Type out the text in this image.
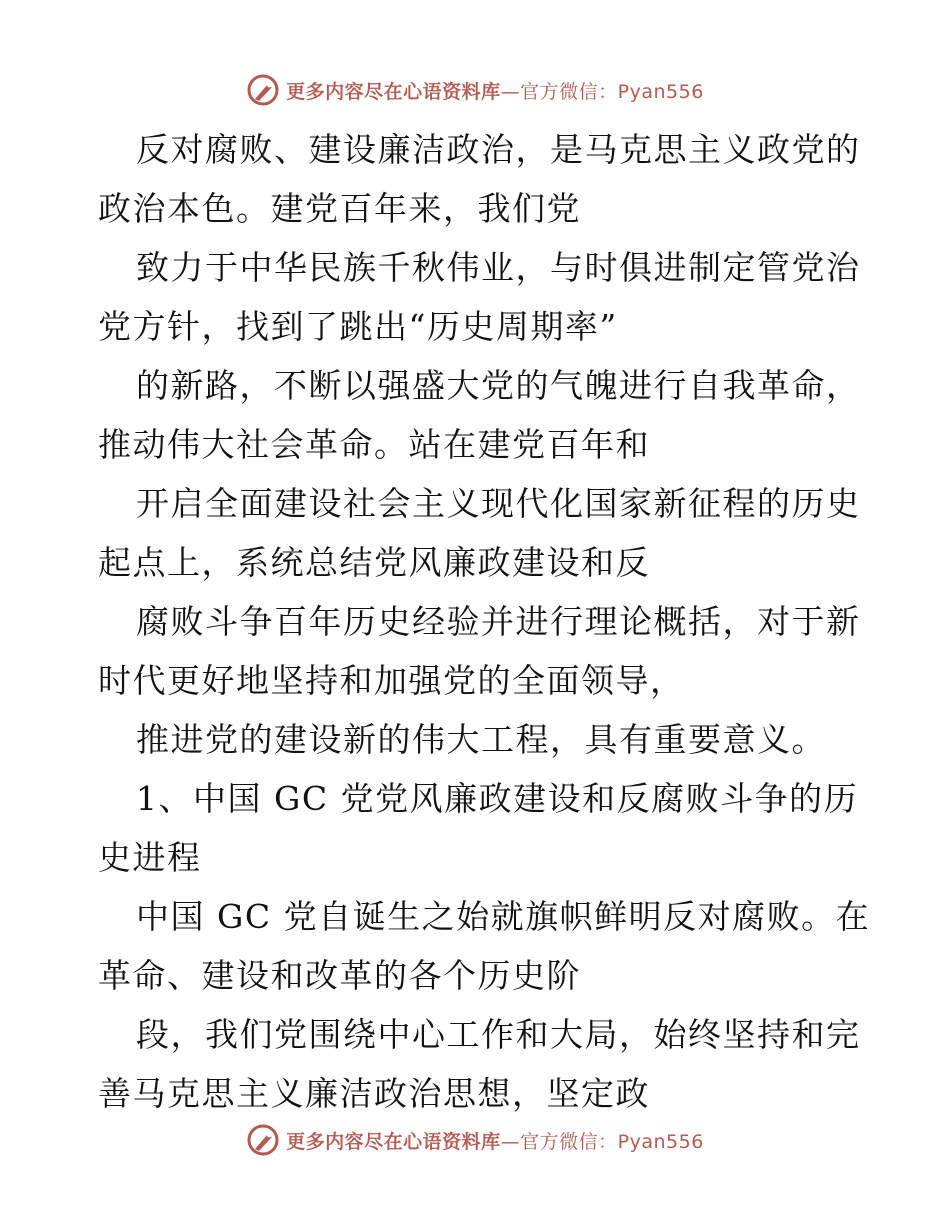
更多内容尽在心语资料库—官方微信：Pyan556
反对腐败、建设廉洁政治，是马克思主义政党的
政治本色。建党百年来，我们党
致力于中华民族千秋伟业，与时俱进制定管党治
党方针，找到了跳出“历史周期率”
的新路，不断以强盛大党的气魄进行自我革命，
推动伟大社会革命。站在建党百年和
开启全面建设社会主义现代化国家新征程的历史
起点上，系统总结党风廉政建设和反
腐败斗争百年历史经验并进行理论概括，对于新
时代更好地坚持和加强党的全面领导，
推进党的建设新的伟大工程，具有重要意义。
1、中国 GC 党党风廉政建设和反腐败斗争的历
史进程
中国 GC 党自诞生之始就旗帜鲜明反对腐败。在
革命、建设和改革的各个历史阶
段，我们党围绕中心工作和大局，始终坚持和完
善马克思主义廉洁政治思想，坚定政
更多内容尽在心语资料库—官方微信：Pyan556
